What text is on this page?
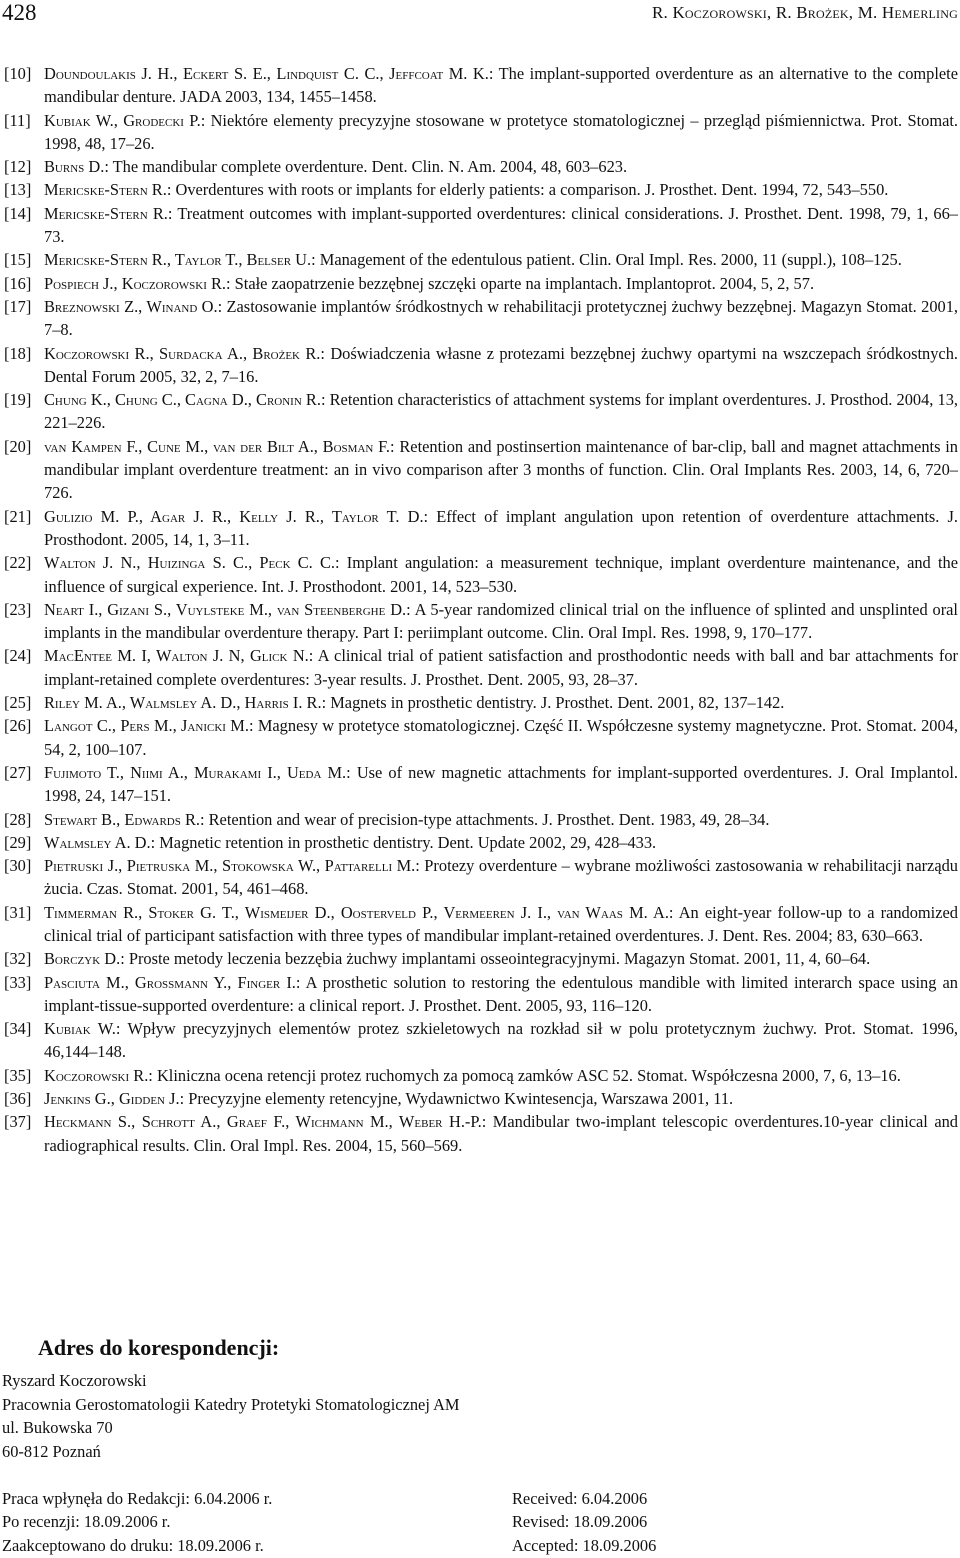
428	R. Koczorowski, R. Brożek, M. Hemerling
[10] Doundoulakis J. H., Eckert S. E., Lindquist C. C., Jeffcoat M. K.: The implant-supported overdenture as an alternative to the complete mandibular denture. JADA 2003, 134, 1455–1458.
[11] Kubiak W., Grodecki P.: Niektóre elementy precyzyjne stosowane w protetyce stomatologicznej – przegląd piśmiennictwa. Prot. Stomat. 1998, 48, 17–26.
[12] Burns D.: The mandibular complete overdenture. Dent. Clin. N. Am. 2004, 48, 603–623.
[13] Mericske-Stern R.: Overdentures with roots or implants for elderly patients: a comparison. J. Prosthet. Dent. 1994, 72, 543–550.
[14] Mericske-Stern R.: Treatment outcomes with implant-supported overdentures: clinical considerations. J. Prosthet. Dent. 1998, 79, 1, 66–73.
[15] Mericske-Stern R., Taylor T., Belser U.: Management of the edentulous patient. Clin. Oral Impl. Res. 2000, 11 (suppl.), 108–125.
[16] Pospiech J., Koczorowski R.: Stałe zaopatrzenie bezzębnej szczęki oparte na implantach. Implantoprot. 2004, 5, 2, 57.
[17] Breznowski Z., Winand O.: Zastosowanie implantów śródkostnych w rehabilitacji protetycznej żuchwy bezzębnej. Magazyn Stomat. 2001, 7–8.
[18] Koczorowski R., Surdacka A., Brożek R.: Doświadczenia własne z protezami bezzębnej żuchwy opartymi na wszczepach śródkostnych. Dental Forum 2005, 32, 2, 7–16.
[19] Chung K., Chung C., Cagna D., Cronin R.: Retention characteristics of attachment systems for implant overdentures. J. Prosthod. 2004, 13, 221–226.
[20] van Kampen F., Cune M., van der Bilt A., Bosman F.: Retention and postinsertion maintenance of bar-clip, ball and magnet attachments in mandibular implant overdenture treatment: an in vivo comparison after 3 months of function. Clin. Oral Implants Res. 2003, 14, 6, 720–726.
[21] Gulizio M. P., Agar J. R., Kelly J. R., Taylor T. D.: Effect of implant angulation upon retention of overdenture attachments. J. Prosthodont. 2005, 14, 1, 3–11.
[22] Walton J. N., Huizinga S. C., Peck C. C.: Implant angulation: a measurement technique, implant overdenture maintenance, and the influence of surgical experience. Int. J. Prosthodont. 2001, 14, 523–530.
[23] Neart I., Gizani S., Vuylsteke M., van Steenberghe D.: A 5-year randomized clinical trial on the influence of splinted and unsplinted oral implants in the mandibular overdenture therapy. Part I: periimplant outcome. Clin. Oral Impl. Res. 1998, 9, 170–177.
[24] MacEntee M. I, Walton J. N, Glick N.: A clinical trial of patient satisfaction and prosthodontic needs with ball and bar attachments for implant-retained complete overdentures: 3-year results. J. Prosthet. Dent. 2005, 93, 28–37.
[25] Riley M. A., Walmsley A. D., Harris I. R.: Magnets in prosthetic dentistry. J. Prosthet. Dent. 2001, 82, 137–142.
[26] Langot C., Pers M., Janicki M.: Magnesy w protetyce stomatologicznej. Część II. Współczesne systemy magnetyczne. Prot. Stomat. 2004, 54, 2, 100–107.
[27] Fujimoto T., Niimi A., Murakami I., Ueda M.: Use of new magnetic attachments for implant-supported overdentures. J. Oral Implantol. 1998, 24, 147–151.
[28] Stewart B., Edwards R.: Retention and wear of precision-type attachments. J. Prosthet. Dent. 1983, 49, 28–34.
[29] Walmsley A. D.: Magnetic retention in prosthetic dentistry. Dent. Update 2002, 29, 428–433.
[30] Pietruski J., Pietruska M., Stokowska W., Pattarelli M.: Protezy overdenture – wybrane możliwości zastosowania w rehabilitacji narządu żucia. Czas. Stomat. 2001, 54, 461–468.
[31] Timmerman R., Stoker G. T., Wismeijer D., Oosterveld P., Vermeeren J. I., van Waas M. A.: An eight-year follow-up to a randomized clinical trial of participant satisfaction with three types of mandibular implant-retained overdentures. J. Dent. Res. 2004; 83, 630–663.
[32] Borczyk D.: Proste metody leczenia bezzębia żuchwy implantami osseointegracyjnymi. Magazyn Stomat. 2001, 11, 4, 60–64.
[33] Pasciuta M., Grossmann Y., Finger I.: A prosthetic solution to restoring the edentulous mandible with limited interarch space using an implant-tissue-supported overdenture: a clinical report. J. Prosthet. Dent. 2005, 93, 116–120.
[34] Kubiak W.: Wpływ precyzyjnych elementów protez szkieletowych na rozkład sił w polu protetycznym żuchwy. Prot. Stomat. 1996, 46,144–148.
[35] Koczorowski R.: Kliniczna ocena retencji protez ruchomych za pomocą zamków ASC 52. Stomat. Współczesna 2000, 7, 6, 13–16.
[36] Jenkins G., Gidden J.: Precyzyjne elementy retencyjne, Wydawnictwo Kwintesencja, Warszawa 2001, 11.
[37] Heckmann S., Schrott A., Graef F., Wichmann M., Weber H.-P.: Mandibular two-implant telescopic overdentures.10-year clinical and radiographical results. Clin. Oral Impl. Res. 2004, 15, 560–569.
Adres do korespondencji:
Ryszard Koczorowski
Pracownia Gerostomatologii Katedry Protetyki Stomatologicznej AM
ul. Bukowska 70
60-812 Poznań
Praca wpłynęła do Redakcji: 6.04.2006 r.
Po recenzji: 18.09.2006 r.
Zaakceptowano do druku: 18.09.2006 r.
Received: 6.04.2006
Revised: 18.09.2006
Accepted: 18.09.2006
